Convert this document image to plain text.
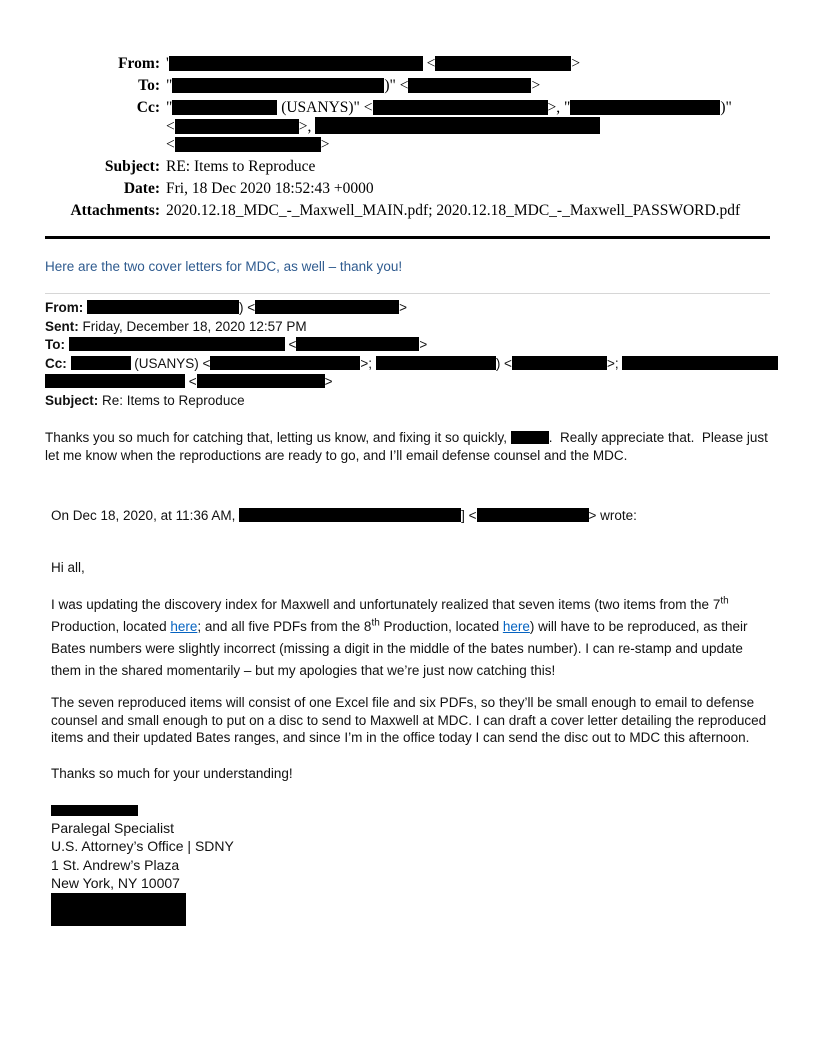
From: '	<	>
To: "	)" <	>
Cc: "	(USANYS)" <	>, "	)"
<	>,
<	>
Subject: RE: Items to Reproduce
Date: Fri, 18 Dec 2020 18:52:43 +0000
Attachments: 2020.12.18_MDC_-_Maxwell_MAIN.pdf; 2020.12.18_MDC_-_Maxwell_PASSWORD.pdf
Here are the two cover letters for MDC, as well – thank you!
From:	) <	>
Sent: Friday, December 18, 2020 12:57 PM
To:	<	>
Cc:	(USANYS) <	>;	) <	>;
<	>
Subject: Re: Items to Reproduce
Thanks you so much for catching that, letting us know, and fixing it so quickly,	.  Really appreciate that.  Please just
let me know when the reproductions are ready to go, and I’ll email defense counsel and the MDC.
On Dec 18, 2020, at 11:36 AM,	] <	> wrote:
Hi all,
I was updating the discovery index for Maxwell and unfortunately realized that seven items (two items from the 7th
Production, located here; and all five PDFs from the 8th Production, located here) will have to be reproduced, as their
Bates numbers were slightly incorrect (missing a digit in the middle of the bates number). I can re-stamp and update
them in the shared momentarily – but my apologies that we’re just now catching this!
The seven reproduced items will consist of one Excel file and six PDFs, so they’ll be small enough to email to defense
counsel and small enough to put on a disc to send to Maxwell at MDC. I can draft a cover letter detailing the reproduced
items and their updated Bates ranges, and since I’m in the office today I can send the disc out to MDC this afternoon.
Thanks so much for your understanding!
Paralegal Specialist
U.S. Attorney’s Office | SDNY
1 St. Andrew’s Plaza
New York, NY 10007
